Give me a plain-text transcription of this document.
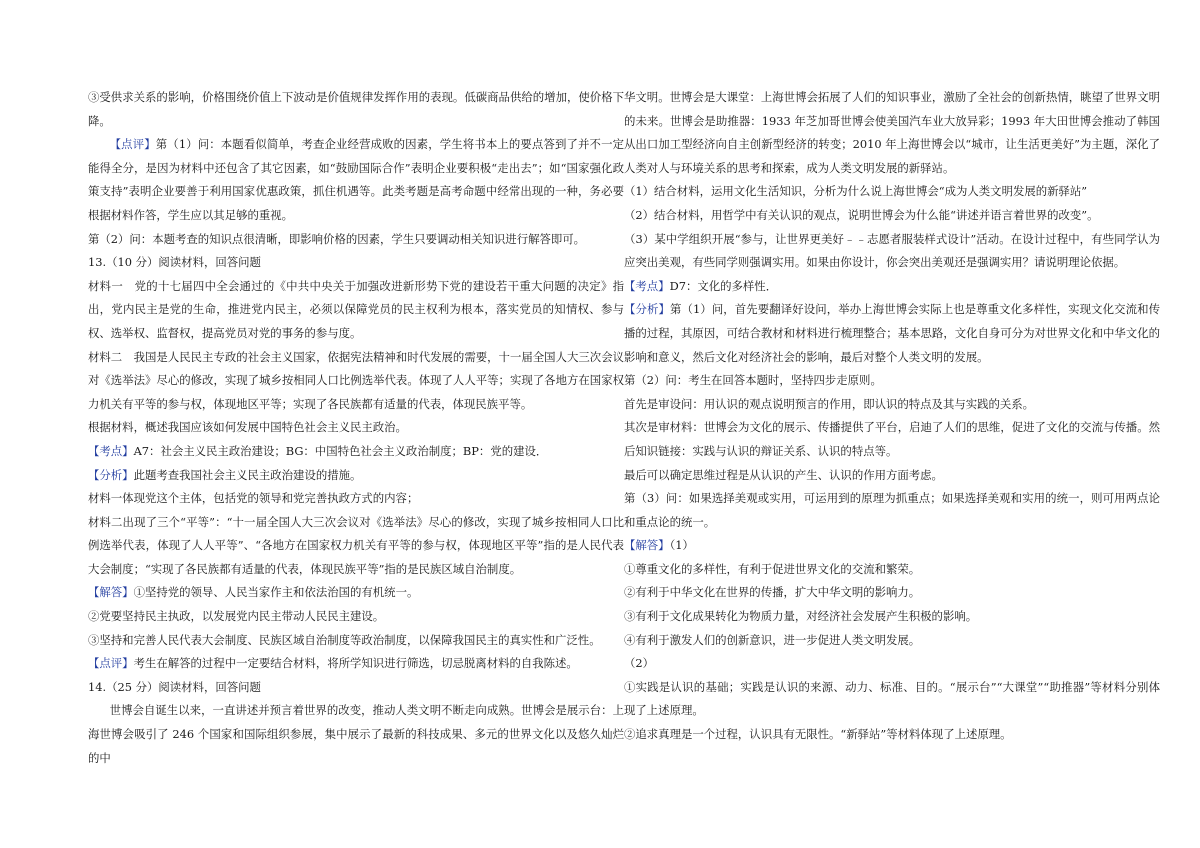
③受供求关系的影响，价格围绕价值上下波动是价值规律发挥作用的表现。低碳商品供给的增加，使价格下降。

【点评】第（1）问：本题看似简单，考查企业经营成败的因素，学生将书本上的要点答到了并不一定能得全分，是因为材料中还包含了其它因素，如“鼓励国际合作”表明企业要积极“走出去”；如“国家强化政策支持”表明企业要善于利用国家优惠政策，抓住机遇等。此类考题是高考命题中经常出现的一种，务必要根据材料作答，学生应以其足够的重视。

第（2）问：本题考查的知识点很清晰，即影响价格的因素，学生只要调动相关知识进行解答即可。

13.（10 分）阅读材料，回答问题

材料一　党的十七届四中全会通过的《中共中央关于加强改进新形势下党的建设若干重大问题的决定》指出，党内民主是党的生命，推进党内民主，必须以保障党员的民主权利为根本，落实党员的知情权、参与权、选举权、监督权，提高党员对党的事务的参与度。

材料二　我国是人民民主专政的社会主义国家，依据宪法精神和时代发展的需要，十一届全国人大三次会议对《选举法》尽心的修改，实现了城乡按相同人口比例选举代表。体现了人人平等；实现了各地方在国家权力机关有平等的参与权，体现地区平等；实现了各民族都有适量的代表，体现民族平等。

根据材料，概述我国应该如何发展中国特色社会主义民主政治。

【考点】A7：社会主义民主政治建设；BG：中国特色社会主义政治制度；BP：党的建设．

【分析】此题考查我国社会主义民主政治建设的措施。

材料一体现党这个主体，包括党的领导和党完善执政方式的内容；

材料二出现了三个“平等”：“十一届全国人大三次会议对《选举法》尽心的修改，实现了城乡按相同人口比例选举代表，体现了人人平等”、“各地方在国家权力机关有平等的参与权，体现地区平等”指的是人民代表大会制度；“实现了各民族都有适量的代表，体现民族平等”指的是民族区域自治制度。

【解答】①坚持党的领导、人民当家作主和依法治国的有机统一。

②党要坚持民主执政，以发展党内民主带动人民民主建设。

③坚持和完善人民代表大会制度、民族区域自治制度等政治制度，以保障我国民主的真实性和广泛性。

【点评】考生在解答的过程中一定要结合材料，将所学知识进行筛选，切忌脱离材料的自我陈述。

14.（25 分）阅读材料，回答问题

世博会自诞生以来，一直讲述并预言着世界的改变，推动人类文明不断走向成熟。世博会是展示台：上海世博会吸引了 246 个国家和国际组织参展，集中展示了最新的科技成果、多元的世界文化以及悠久灿烂的中

华文明。世博会是大课堂：上海世博会拓展了人们的知识事业，激励了全社会的创新热情，眺望了世界文明的未来。世博会是助推器：1933 年芝加哥世博会使美国汽车业大放异彩；1993 年大田世博会推动了韩国从出口加工型经济向自主创新型经济的转变；2010 年上海世博会以“城市，让生活更美好”为主题，深化了人类对人与环境关系的思考和探索，成为人类文明发展的新驿站。

（1）结合材料，运用文化生活知识，分析为什么说上海世博会“成为人类文明发展的新驿站”

（2）结合材料，用哲学中有关认识的观点，说明世博会为什么能“讲述并语言着世界的改变”。

（3）某中学组织开展“参与，让世界更美好﹣﹣志愿者服装样式设计”活动。在设计过程中，有些同学认为应突出美观，有些同学则强调实用。如果由你设计，你会突出美观还是强调实用？请说明理论依据。

【考点】D7：文化的多样性．

【分析】第（1）问，首先要翻译好设问，举办上海世博会实际上也是尊重文化多样性，实现文化交流和传播的过程，其原因，可结合教材和材料进行梳理整合；基本思路，文化自身可分为对世界文化和中华文化的影响和意义，然后文化对经济社会的影响，最后对整个人类文明的发展。

第（2）问：考生在回答本题时，坚持四步走原则。

首先是审设问：用认识的观点说明预言的作用，即认识的特点及其与实践的关系。

其次是审材料：世博会为文化的展示、传播提供了平台，启迪了人们的思维，促进了文化的交流与传播。然后知识链接：实践与认识的辩证关系、认识的特点等。

最后可以确定思维过程是从认识的产生、认识的作用方面考虑。

第（3）问：如果选择美观或实用，可运用到的原理为抓重点；如果选择美观和实用的统一，则可用两点论和重点论的统一。

【解答】（1）

①尊重文化的多样性，有利于促进世界文化的交流和繁荣。

②有利于中华文化在世界的传播，扩大中华文明的影响力。

③有利于文化成果转化为物质力量，对经济社会发展产生积极的影响。

④有利于激发人们的创新意识，进一步促进人类文明发展。

（2）

①实践是认识的基础；实践是认识的来源、动力、标准、目的。“展示台”“大课堂”“助推器”等材料分别体现了上述原理。

②追求真理是一个过程，认识具有无限性。“新驿站”等材料体现了上述原理。
